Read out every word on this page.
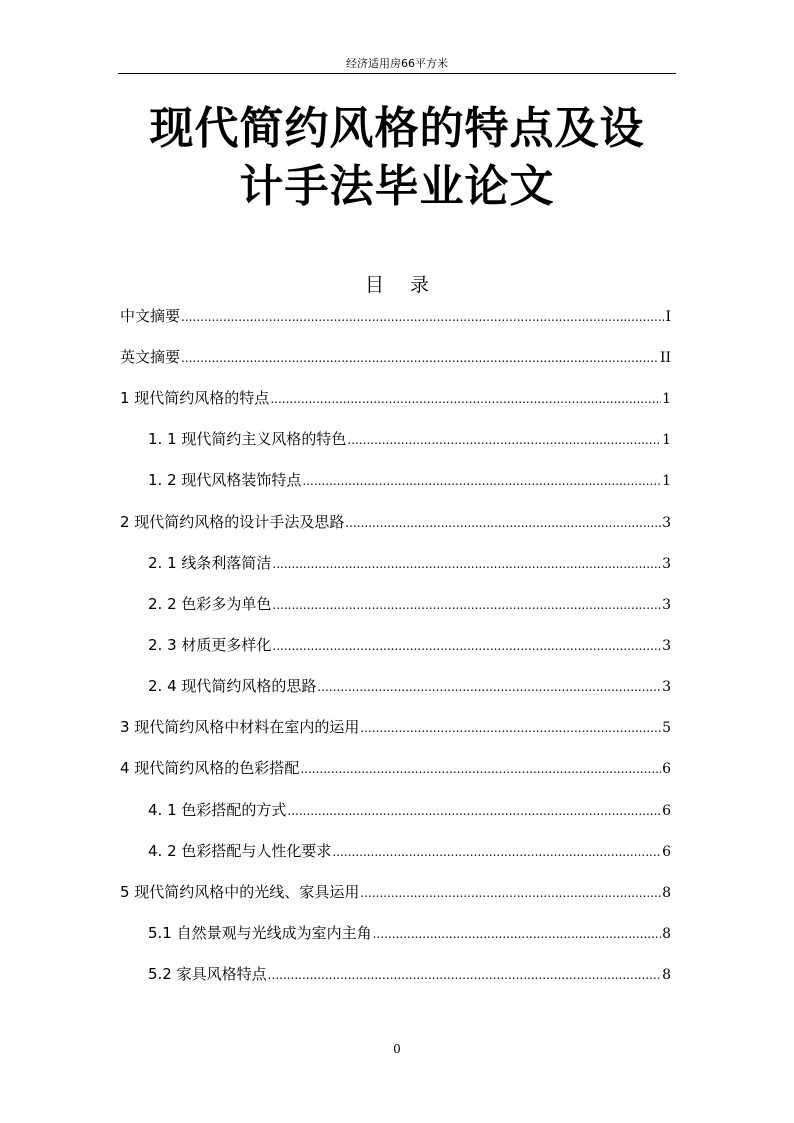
经济适用房66平方米
现代简约风格的特点及设
计手法毕业论文
目 录
中文摘要 .....	I
英文摘要 .....	II
1 现代简约风格的特点 .....	1
1. 1 现代简约主义风格的特色 .....	1
1. 2 现代风格装饰特点 .....	1
2 现代简约风格的设计手法及思路 .....	3
2. 1 线条利落简洁 .....	3
2. 2 色彩多为单色 .....	3
2. 3 材质更多样化 .....	3
2. 4 现代简约风格的思路 .....	3
3 现代简约风格中材料在室内的运用 .....	5
4 现代简约风格的色彩搭配 .....	6
4. 1 色彩搭配的方式 .....	6
4. 2 色彩搭配与人性化要求 .....	6
5 现代简约风格中的光线、家具运用 .....	8
5.1 自然景观与光线成为室内主角 .....	8
5.2 家具风格特点 .....	8
0
